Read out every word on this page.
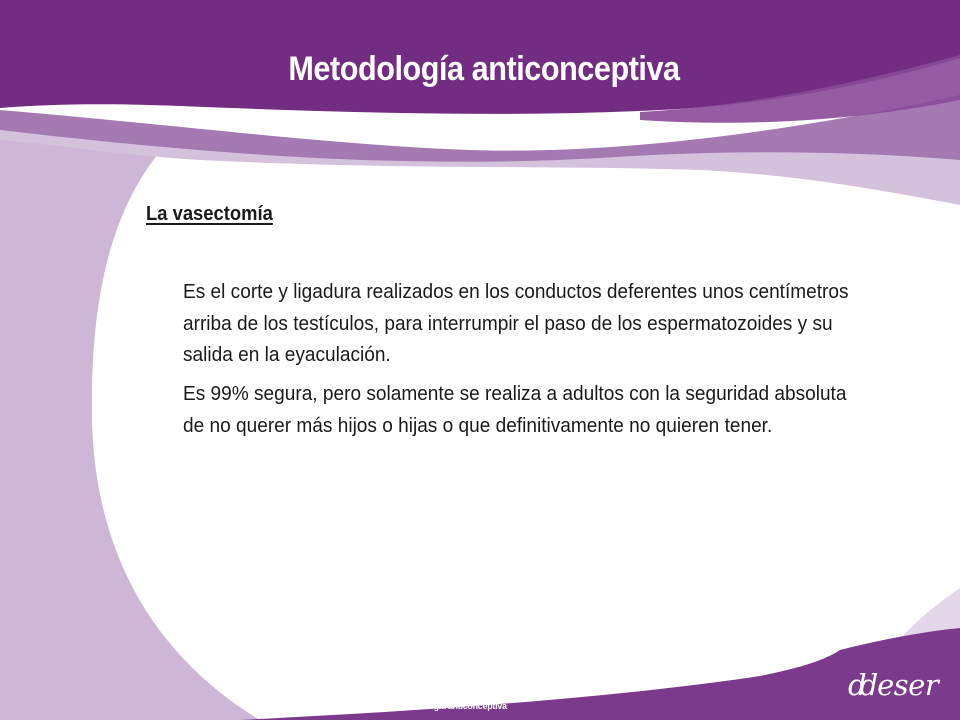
Metodología anticonceptiva
La vasectomía

Es el corte y ligadura realizados en los conductos deferentes unos centímetros arriba de los testículos, para interrumpir el paso de los espermatozoides y su salida en la eyaculación.

Es 99% segura, pero solamente se realiza a adultos con la seguridad absoluta de no querer más hijos o hijas o que definitivamente no quieren tener.

Metodología anticonceptiva
dd eser
